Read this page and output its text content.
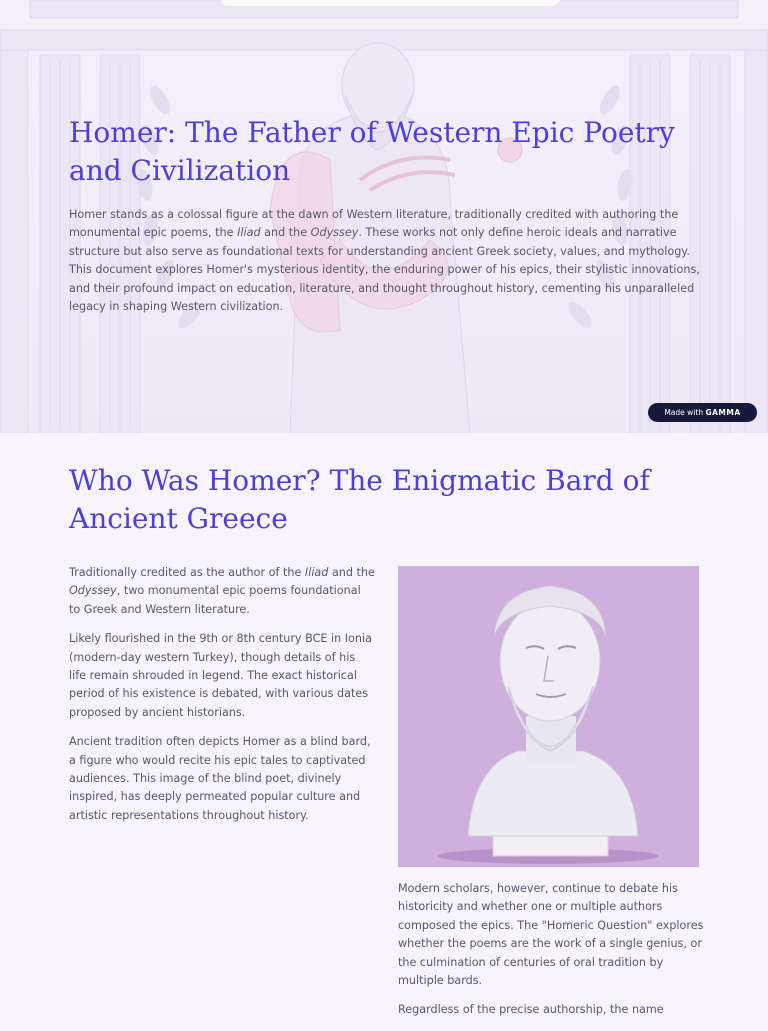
Homer: The Father of Western Epic Poetry and Civilization

Homer stands as a colossal figure at the dawn of Western literature, traditionally credited with authoring the monumental epic poems, the Iliad and the Odyssey. These works not only define heroic ideals and narrative structure but also serve as foundational texts for understanding ancient Greek society, values, and mythology. This document explores Homer's mysterious identity, the enduring power of his epics, their stylistic innovations, and their profound impact on education, literature, and thought throughout history, cementing his unparalleled legacy in shaping Western civilization.

Made with GAMMA
Who Was Homer? The Enigmatic Bard of Ancient Greece

Traditionally credited as the author of the Iliad and the Odyssey, two monumental epic poems foundational to Greek and Western literature.

Likely flourished in the 9th or 8th century BCE in Ionia (modern-day western Turkey), though details of his life remain shrouded in legend. The exact historical period of his existence is debated, with various dates proposed by ancient historians.

Ancient tradition often depicts Homer as a blind bard, a figure who would recite his epic tales to captivated audiences. This image of the blind poet, divinely inspired, has deeply permeated popular culture and artistic representations throughout history.

Modern scholars, however, continue to debate his historicity and whether one or multiple authors composed the epics. The "Homeric Question" explores whether the poems are the work of a single genius, or the culmination of centuries of oral tradition by multiple bards.

Regardless of the precise authorship, the name
